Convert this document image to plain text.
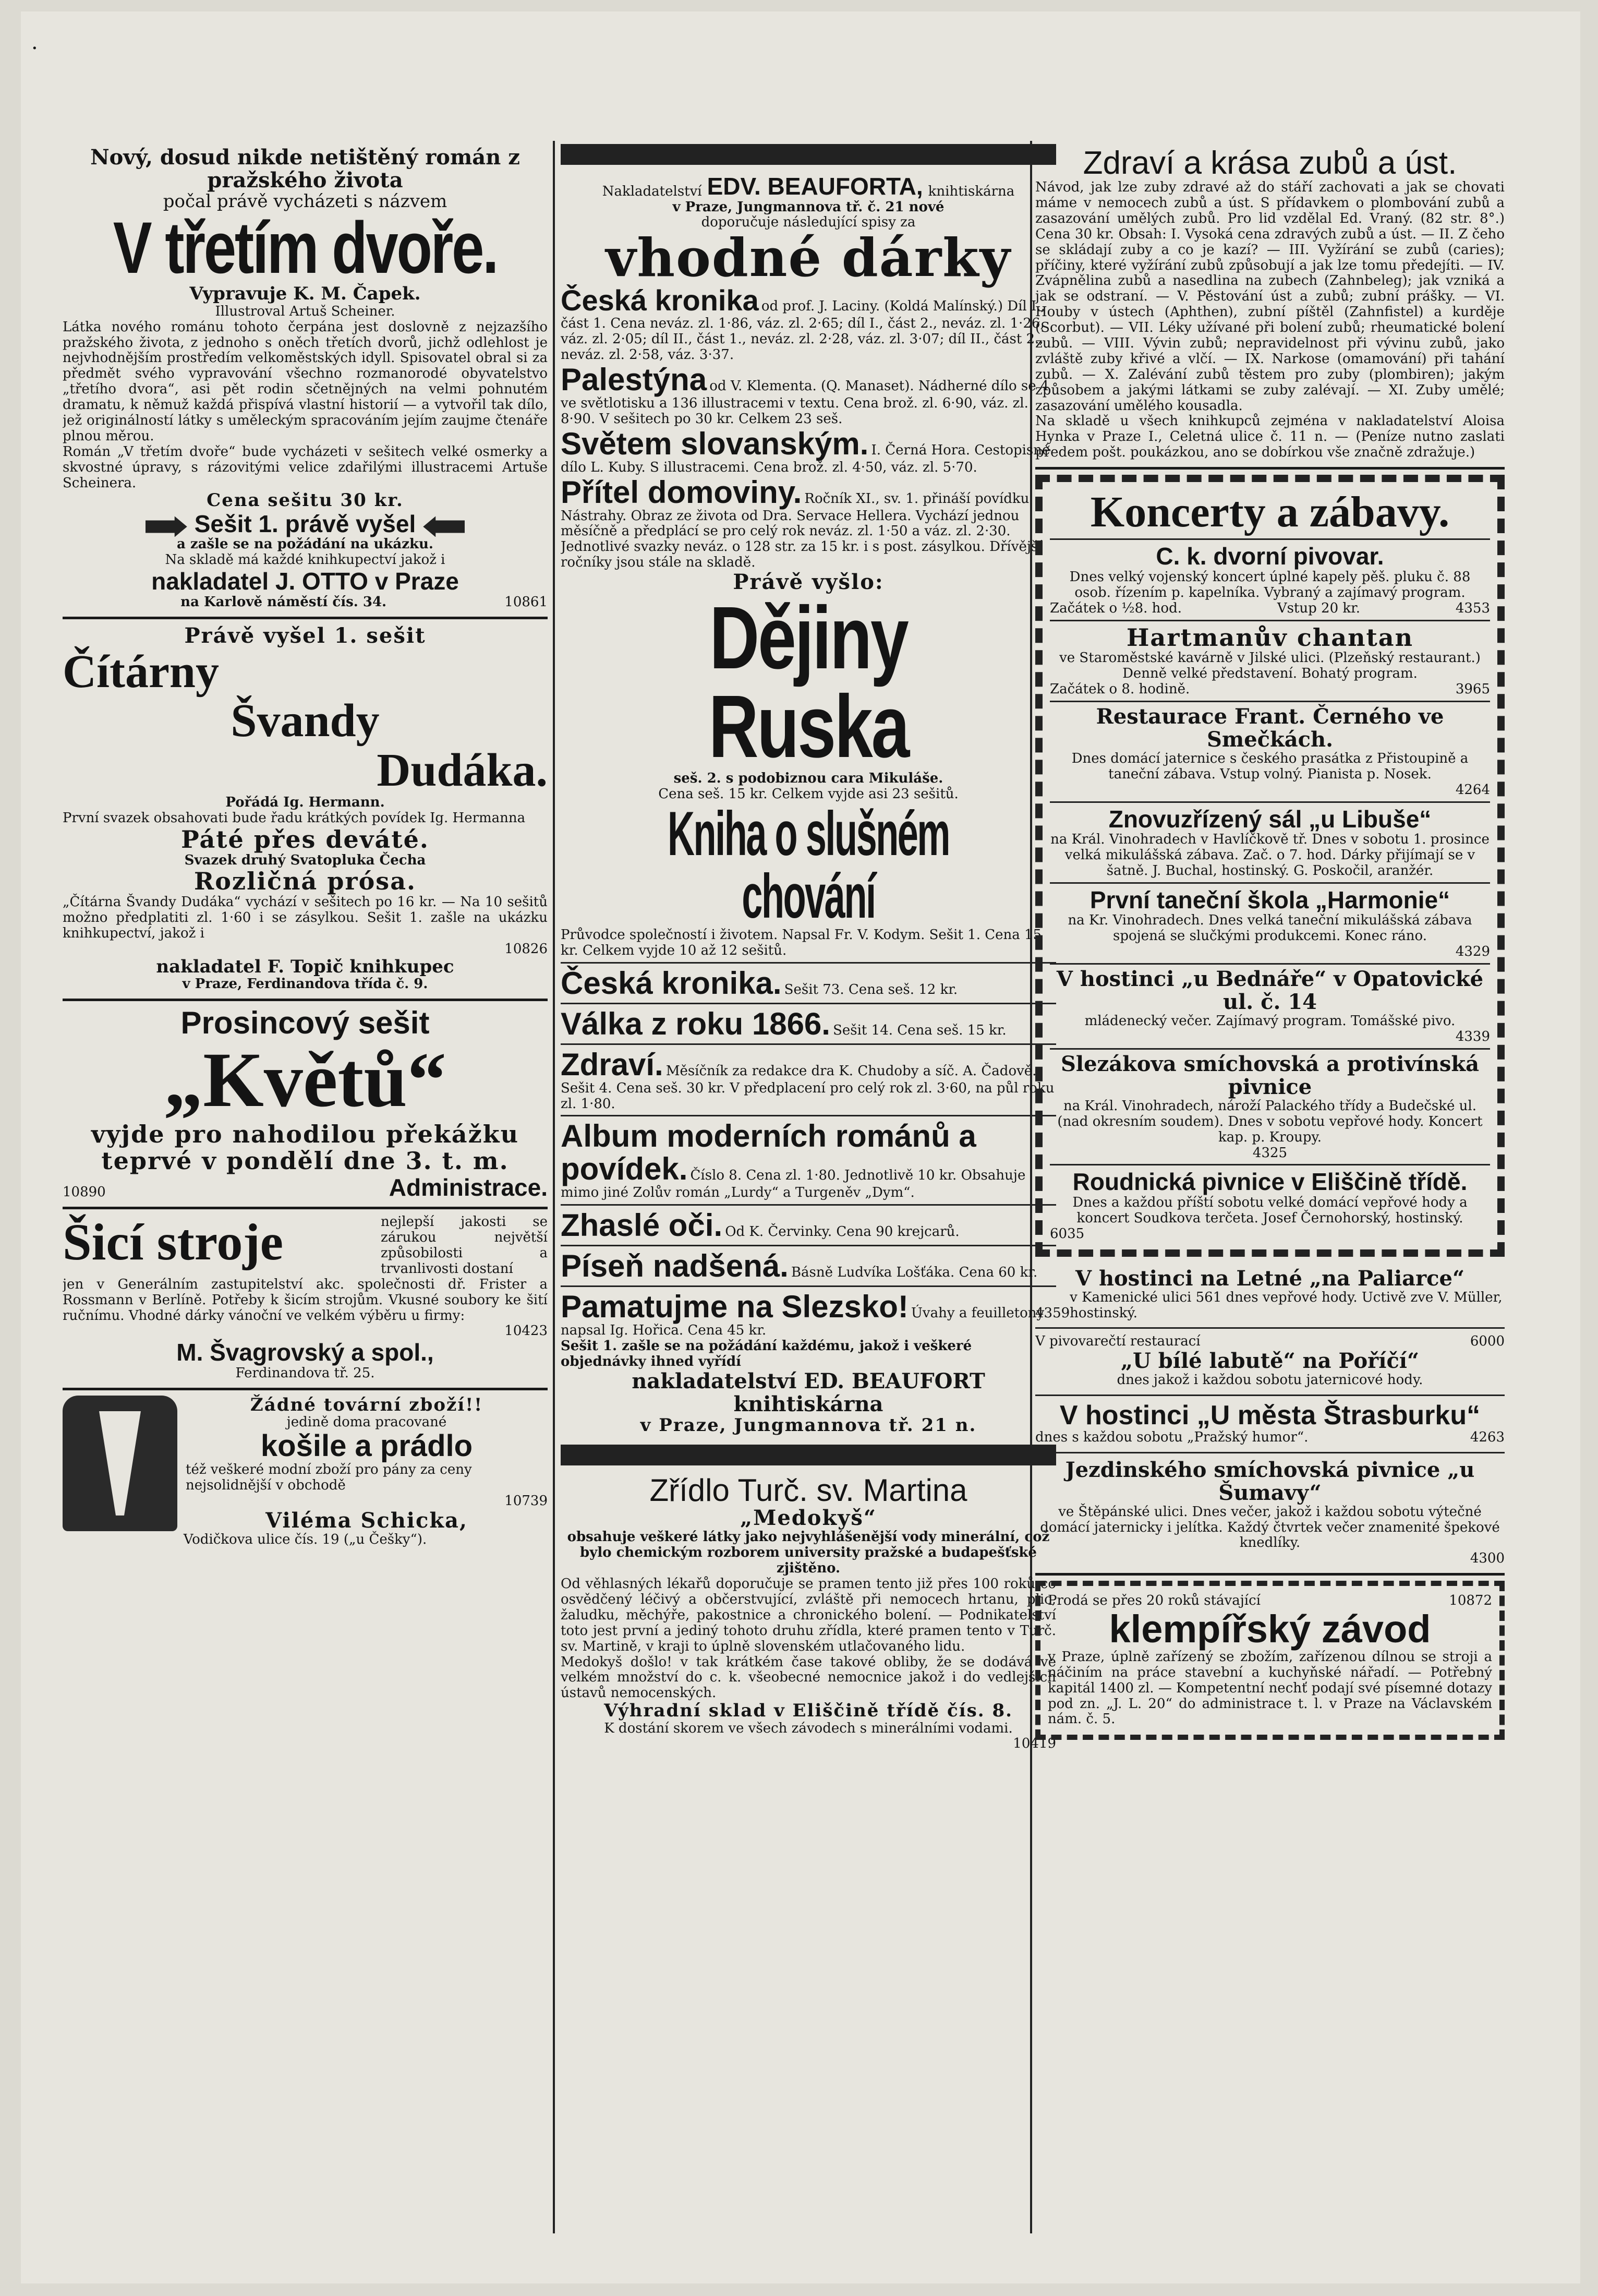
·
Nový, dosud nikde netištěný román z pražského života
počal právě vycházeti s názvem
V třetím dvoře.
Vypravuje K. M. Čapek.
Illustroval Artuš Scheiner.
Látka nového románu tohoto čerpána jest doslovně z nejzazšího pražského života, z jednoho s oněch třetích dvorů, jichž odlehlost je nejvhodnějším prostředím velkoměstských idyll. Spisovatel obral si za předmět svého vypravování všechno rozmanorodé obyvatelstvo „třetího dvora“, asi pět rodin sčetnějných na velmi pohnutém dramatu, k němuž každá přispívá vlastní historií — a vytvořil tak dílo, jež originálností látky s uměleckým spracováním jejím zaujme čtenáře plnou měrou.
Román „V třetím dvoře“ bude vycházeti v sešitech velké osmerky a skvostné úpravy, s rázovitými velice zdařilými illustracemi Artuše Scheinera.
Cena sešitu 30 kr.
Sešit 1. právě vyšel
a zašle se na požádání na ukázku.
Na skladě má každé knihkupectví jakož i
nakladatel J. OTTO v Praze
na Karlově náměstí čís. 34.	10861
Právě vyšel 1. sešit
Čítárny
Švandy
Dudáka.
Pořádá Ig. Hermann.
První svazek obsahovati bude řadu krátkých povídek Ig. Hermanna
Páté přes deváté.
Svazek druhý Svatopluka Čecha
Rozličná prósa.
„Čítárna Švandy Dudáka“ vychází v sešitech po 16 kr. — Na 10 sešitů možno předplatiti zl. 1·60 i se zásylkou. Sešit 1. zašle na ukázku knihkupectví, jakož i
10826
nakladatel F. Topič knihkupec
v Praze, Ferdinandova třída č. 9.
Prosincový sešit
„Květů“
vyjde pro nahodilou překážku teprvé v pondělí dne 3. t. m.
10890	Administrace.
Šicí stroje	nejlepší jakosti se zárukou největší způsobilosti a trvanlivosti dostaní
jen v Generálním zastupitelství akc. společnosti dř. Frister a Rossmann v Berlíně. Potřeby k šicím strojům. Vkusné soubory ke šití ručnímu. Vhodné dárky vánoční ve velkém výběru u firmy:
10423
M. Švagrovský a spol.,
Ferdinandova tř. 25.
Žádné tovární zboží!!
jedině doma pracované
košile a prádlo
též veškeré modní zboží pro pány za ceny nejsolidnější v obchodě
10739
Viléma Schicka,
Vodičkova ulice čís. 19 („u Češky“).
Nakladatelství EDV. BEAUFORTA, knihtiskárna
v Praze, Jungmannova tř. č. 21 nové
doporučuje následující spisy za
vhodné dárky
Česká kronika od prof. J. Laciny. (Koldá Malínský.) Díl I., část 1. Cena neváz. zl. 1·86, váz. zl. 2·65; díl I., část 2., neváz. zl. 1·26, váz. zl. 2·05; díl II., část 1., neváz. zl. 2·28, váz. zl. 3·07; díl II., část 2., neváz. zl. 2·58, váz. 3·37.
Palestýna od V. Klementa. (Q. Manaset). Nádherné dílo se 4 ve světlotisku a 136 illustracemi v textu. Cena brož. zl. 6·90, váz. zl. 8·90. V sešitech po 30 kr. Celkem 23 seš.
Světem slovanským. I. Černá Hora. Cestopisné dílo L. Kuby. S illustracemi. Cena brož. zl. 4·50, váz. zl. 5·70.
Přítel domoviny. Ročník XI., sv. 1. přináší povídku Nástrahy. Obraz ze života od Dra. Servace Hellera. Vychází jednou měsíčně a předplácí se pro celý rok neváz. zl. 1·50 a váz. zl. 2·30. Jednotlivé svazky neváz. o 128 str. za 15 kr. i s post. zásylkou. Dřívější ročníky jsou stále na skladě.
Právě vyšlo:
Dějiny Ruska
seš. 2. s podobiznou cara Mikuláše.
Cena seš. 15 kr. Celkem vyjde asi 23 sešitů.
Kniha o slušném chování
Průvodce společností i životem. Napsal Fr. V. Kodym. Sešit 1. Cena 15 kr. Celkem vyjde 10 až 12 sešitů.
Česká kronika. Sešit 73. Cena seš. 12 kr.
Válka z roku 1866. Sešit 14. Cena seš. 15 kr.
Zdraví. Měsíčník za redakce dra K. Chudoby a síč. A. Čadově. Sešit 4. Cena seš. 30 kr. V předplacení pro celý rok zl. 3·60, na půl roku zl. 1·80.
Album moderních románů a povídek. Číslo 8. Cena zl. 1·80. Jednotlivě 10 kr. Obsahuje mimo jiné Zolův román „Lurdy“ a Turgeněv „Dym“.
Zhaslé oči. Od K. Červinky. Cena 90 krejcarů.
Píseň nadšená. Básně Ludvíka Lošťáka. Cena 60 kr.
Pamatujme na Slezsko! Úvahy a feuilletony napsal Ig. Hořica. Cena 45 kr.
Sešit 1. zašle se na požádání každému, jakož i veškeré objednávky ihned vyřídí
nakladatelství ED. BEAUFORT knihtiskárna
v Praze, Jungmannova tř. 21 n.
Zřídlo Turč. sv. Martina
„Medokyš“
obsahuje veškeré látky jako nejvyhlášenější vody minerální, což bylo chemickým rozborem university pražské a budapešťské zjištěno.
Od věhlasných lékařů doporučuje se pramen tento již přes 100 roků co osvědčený léčivý a občerstvující, zvláště při nemocech hrtanu, plic, žaludku, měchýře, pakostnice a chronického bolení. — Podnikatelství toto jest první a jediný tohoto druhu zřídla, které pramen tento v Turč. sv. Martině, v kraji to úplně slovenském utlačovaného lidu.
Medokyš došlo! v tak krátkém čase takové obliby, že se dodává ve velkém množství do c. k. všeobecné nemocnice jakož i do vedlejších ústavů nemocenských.
Výhradní sklad v Eliščině třídě čís. 8.
K dostání skorem ve všech závodech s minerálními vodami.
10419
Zdraví a krása zubů a úst.
Návod, jak lze zuby zdravé až do stáří zachovati a jak se chovati máme v nemocech zubů a úst. S přídavkem o plombování zubů a zasazování umělých zubů. Pro lid vzdělal Ed. Vraný. (82 str. 8°.) Cena 30 kr. Obsah: I. Vysoká cena zdravých zubů a úst. — II. Z čeho se skládají zuby a co je kazí? — III. Vyžírání se zubů (caries); příčiny, které vyžírání zubů způsobují a jak lze tomu předejíti. — IV. Zvápnělina zubů a nasedlina na zubech (Zahnbeleg); jak vzniká a jak se odstraní. — V. Pěstování úst a zubů; zubní prášky. — VI. Houby v ústech (Aphthen), zubní píštěl (Zahnfistel) a kurděje (Scorbut). — VII. Léky užívané při bolení zubů; rheumatické bolení zubů. — VIII. Vývin zubů; nepravidelnost při vývinu zubů, jako zvláště zuby křivé a vlčí. — IX. Narkose (omamování) při tahání zubů. — X. Zalévání zubů těstem pro zuby (plombiren); jakým způsobem a jakými látkami se zuby zalévají. — XI. Zuby umělé; zasazování umělého kousadla.
Na skladě u všech knihkupců zejména v nakladatelství Aloisa Hynka v Praze I., Celetná ulice č. 11 n. — (Peníze nutno zaslati předem pošt. poukázkou, ano se dobírkou vše značně zdražuje.)
Koncerty a zábavy.
C. k. dvorní pivovar.
Dnes velký vojenský koncert úplné kapely pěš. pluku č. 88 osob. řízením p. kapelníka. Vybraný a zajímavý program.
Začátek o ½8. hod.	Vstup 20 kr.	4353
Hartmanův chantan
ve Staroměstské kavárně v Jilské ulici. (Plzeňský restaurant.) Denně velké představení. Bohatý program.
Začátek o 8. hodině.	3965
Restaurace Frant. Černého ve Smečkách.
Dnes domácí jaternice s českého prasátka z Přistoupině a taneční zábava. Vstup volný. Pianista p. Nosek.
4264
Znovuzřízený sál „u Libuše“
na Král. Vinohradech v Havlíčkově tř. Dnes v sobotu 1. prosince velká mikulášská zábava. Zač. o 7. hod. Dárky přijímají se v šatně. J. Buchal, hostinský. G. Poskočil, aranžér.
První taneční škola „Harmonie“
na Kr. Vinohradech. Dnes velká taneční mikulášská zábava spojená se slučkými produkcemi. Konec ráno.
4329
V hostinci „u Bednáře“ v Opatovické ul. č. 14
mládenecký večer. Zajímavý program. Tomášské pivo.
4339
Slezákova smíchovská a protivínská pivnice
na Král. Vinohradech, nároží Palackého třídy a Budečské ul. (nad okresním soudem). Dnes v sobotu vepřové hody. Koncert kap. p. Kroupy.
4325
Roudnická pivnice v Eliščině třídě.
Dnes a každou příští sobotu velké domácí vepřové hody a koncert Soudkova terčeta. Josef Černohorský, hostinský.
6035
V hostinci na Letné „na Paliarce“
4359
v Kamenické ulici 561 dnes vepřové hody. Uctivě zve V. Müller, hostinský.
V pivovarečtí restaurací	6000
„U bílé labutě“ na Poříčí“
dnes jakož i každou sobotu jaternicové hody.
V hostinci „U města Štrasburku“
dnes s každou sobotu „Pražský humor“.	4263
Jezdinského smíchovská pivnice „u Šumavy“
ve Štěpánské ulici. Dnes večer, jakož i každou sobotu výtečné domácí jaternicky i jelítka. Každý čtvrtek večer znamenité špekové knedlíky.
4300
Prodá se přes 20 roků stávající	10872
klempířský závod
v Praze, úplně zařízený se zbožím, zařízenou dílnou se stroji a náčiním na práce stavební a kuchyňské nářadí. — Potřebný kapitál 1400 zl. — Kompetentní nechť podají své písemné dotazy pod zn. „J. L. 20“ do administrace t. l. v Praze na Václavském nám. č. 5.
